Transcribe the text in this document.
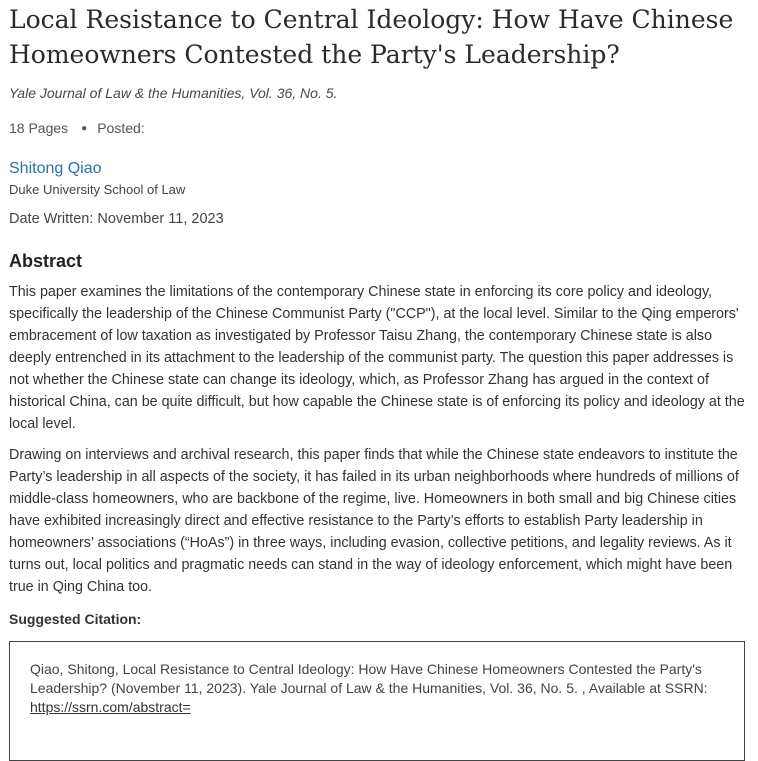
Local Resistance to Central Ideology: How Have Chinese Homeowners Contested the Party's Leadership?
Yale Journal of Law & the Humanities, Vol. 36, No. 5.
18 Pages ● Posted:
Shitong Qiao
Duke University School of Law
Date Written: November 11, 2023
Abstract
This paper examines the limitations of the contemporary Chinese state in enforcing its core policy and ideology, specifically the leadership of the Chinese Communist Party ("CCP"), at the local level. Similar to the Qing emperors' embracement of low taxation as investigated by Professor Taisu Zhang, the contemporary Chinese state is also deeply entrenched in its attachment to the leadership of the communist party. The question this paper addresses is not whether the Chinese state can change its ideology, which, as Professor Zhang has argued in the context of historical China, can be quite difficult, but how capable the Chinese state is of enforcing its policy and ideology at the local level.
Drawing on interviews and archival research, this paper finds that while the Chinese state endeavors to institute the Party’s leadership in all aspects of the society, it has failed in its urban neighborhoods where hundreds of millions of middle-class homeowners, who are backbone of the regime, live. Homeowners in both small and big Chinese cities have exhibited increasingly direct and effective resistance to the Party’s efforts to establish Party leadership in homeowners’ associations (“HoAs”) in three ways, including evasion, collective petitions, and legality reviews. As it turns out, local politics and pragmatic needs can stand in the way of ideology enforcement, which might have been true in Qing China too.
Suggested Citation:
Qiao, Shitong, Local Resistance to Central Ideology: How Have Chinese Homeowners Contested the Party's Leadership? (November 11, 2023). Yale Journal of Law & the Humanities, Vol. 36, No. 5. , Available at SSRN: https://ssrn.com/abstract=
